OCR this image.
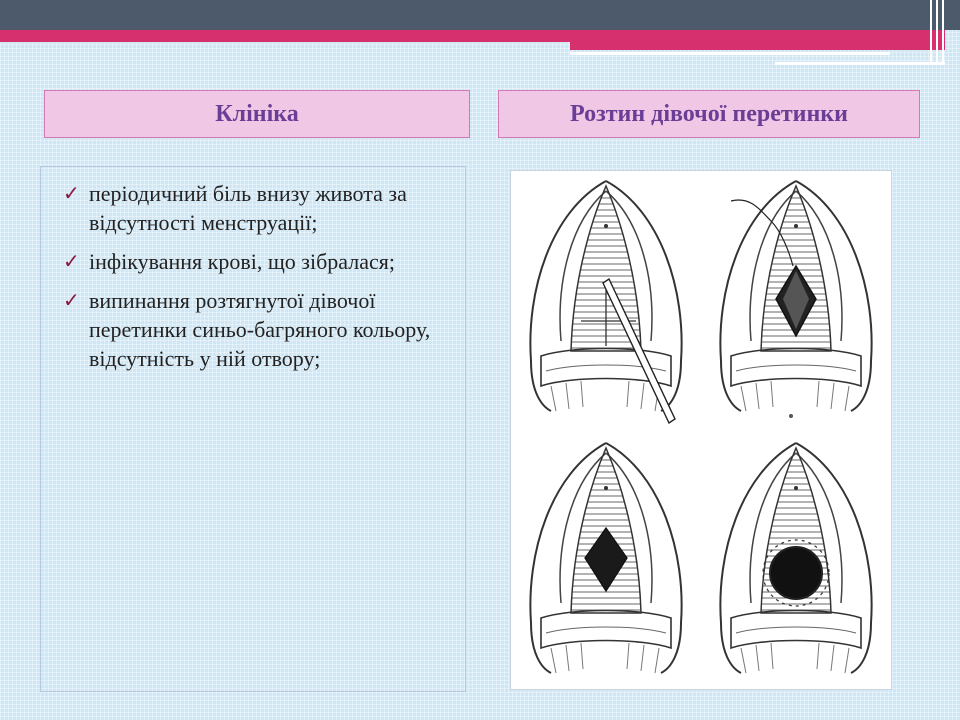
Клініка	Розтин дівочої перетинки
✓ періодичний біль внизу живота за відсутності менструації;
✓ інфікування крові, що зібралася;
✓ випинання розтягнутої дівочої перетинки синьо-багряного кольору, відсутність у ній отвору;
